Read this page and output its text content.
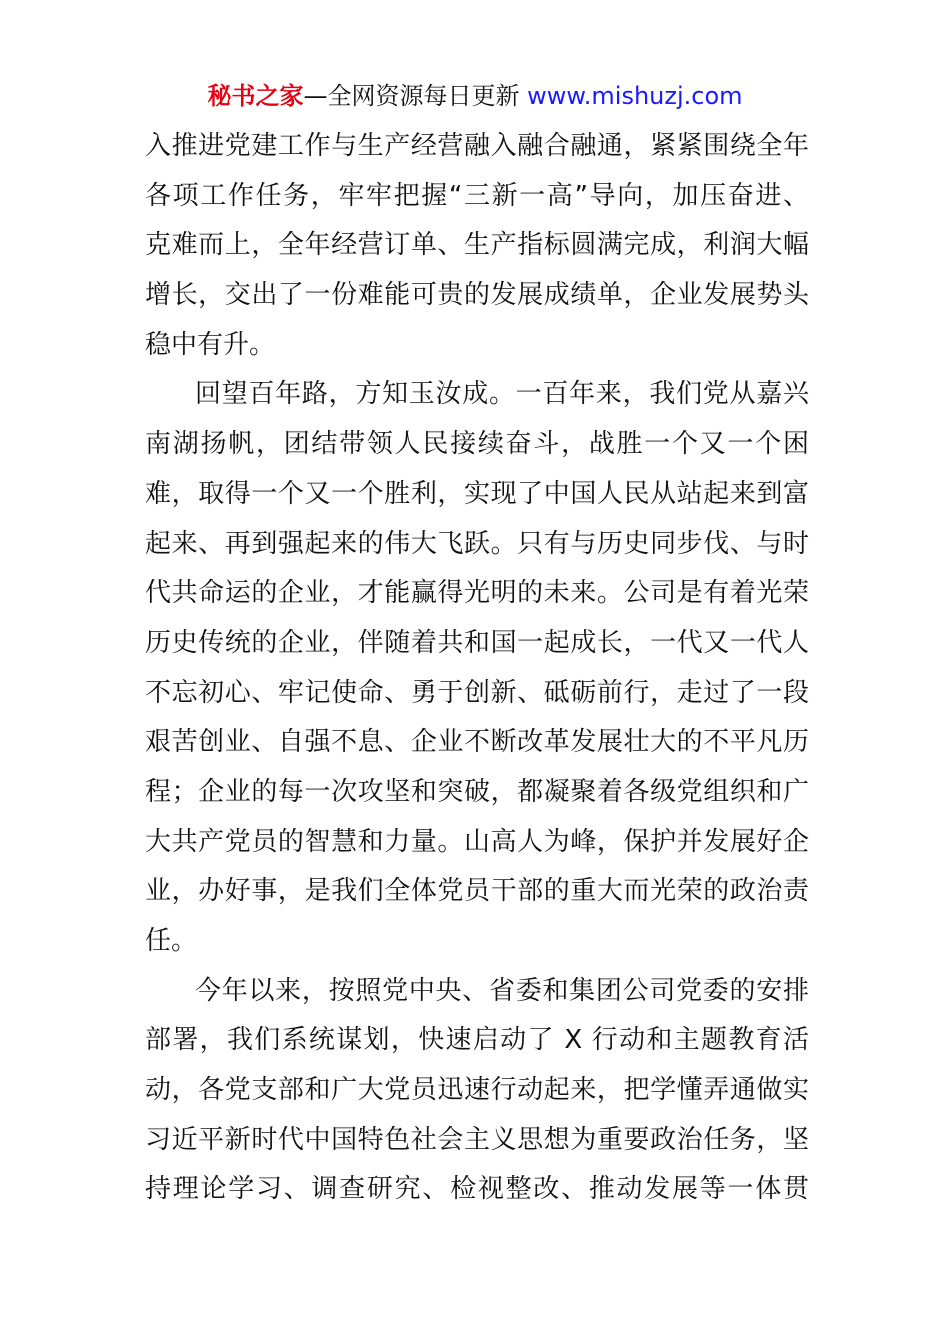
秘书之家—全网资源每日更新 www.mishuzj.com
入推进党建工作与生产经营融入融合融通，紧紧围绕全年
各项工作任务，牢牢把握“三新一高”导向，加压奋进、
克难而上，全年经营订单、生产指标圆满完成，利润大幅
增长，交出了一份难能可贵的发展成绩单，企业发展势头
稳中有升。
回望百年路，方知玉汝成。一百年来，我们党从嘉兴
南湖扬帆，团结带领人民接续奋斗，战胜一个又一个困
难，取得一个又一个胜利，实现了中国人民从站起来到富
起来、再到强起来的伟大飞跃。只有与历史同步伐、与时
代共命运的企业，才能赢得光明的未来。公司是有着光荣
历史传统的企业，伴随着共和国一起成长，一代又一代人
不忘初心、牢记使命、勇于创新、砥砺前行，走过了一段
艰苦创业、自强不息、企业不断改革发展壮大的不平凡历
程；企业的每一次攻坚和突破，都凝聚着各级党组织和广
大共产党员的智慧和力量。山高人为峰，保护并发展好企
业，办好事，是我们全体党员干部的重大而光荣的政治责
任。
今年以来，按照党中央、省委和集团公司党委的安排
部署，我们系统谋划，快速启动了 X 行动和主题教育活
动，各党支部和广大党员迅速行动起来，把学懂弄通做实
习近平新时代中国特色社会主义思想为重要政治任务，坚
持理论学习、调查研究、检视整改、推动发展等一体贯
